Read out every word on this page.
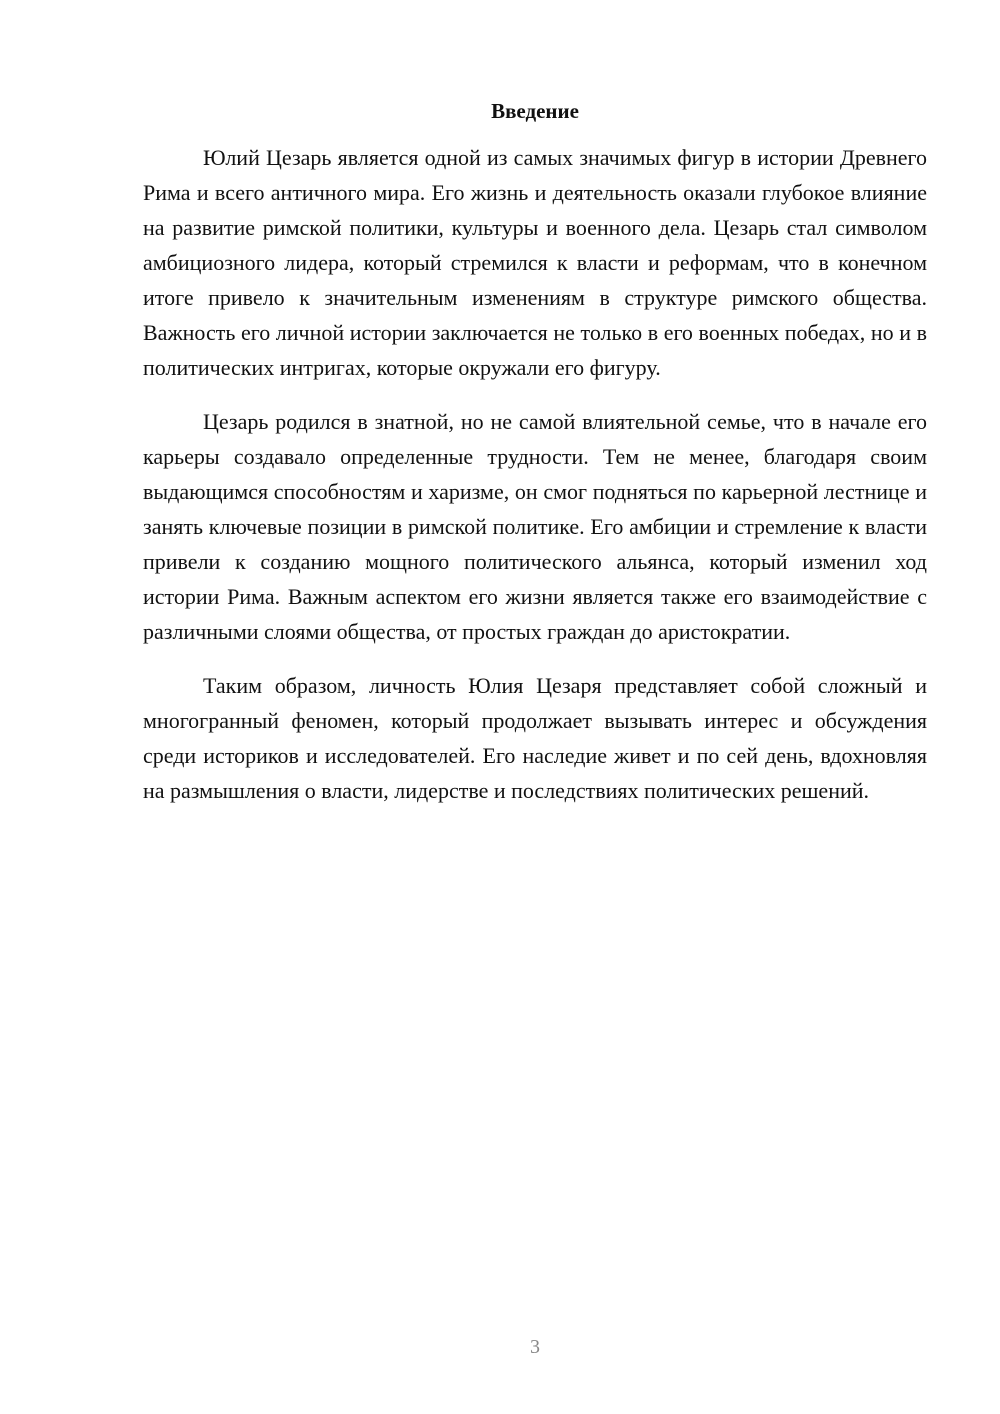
Введение

Юлий Цезарь является одной из самых значимых фигур в истории Древнего Рима и всего античного мира. Его жизнь и деятельность оказали глубокое влияние на развитие римской политики, культуры и военного дела. Цезарь стал символом амбициозного лидера, который стремился к власти и реформам, что в конечном итоге привело к значительным изменениям в структуре римского общества. Важность его личной истории заключается не только в его военных победах, но и в политических интригах, которые окружали его фигуру.

Цезарь родился в знатной, но не самой влиятельной семье, что в начале его карьеры создавало определенные трудности. Тем не менее, благодаря своим выдающимся способностям и харизме, он смог подняться по карьерной лестнице и занять ключевые позиции в римской политике. Его амбиции и стремление к власти привели к созданию мощного политического альянса, который изменил ход истории Рима. Важным аспектом его жизни является также его взаимодействие с различными слоями общества, от простых граждан до аристократии.

Таким образом, личность Юлия Цезаря представляет собой сложный и многогранный феномен, который продолжает вызывать интерес и обсуждения среди историков и исследователей. Его наследие живет и по сей день, вдохновляя на размышления о власти, лидерстве и последствиях политических решений.

3
